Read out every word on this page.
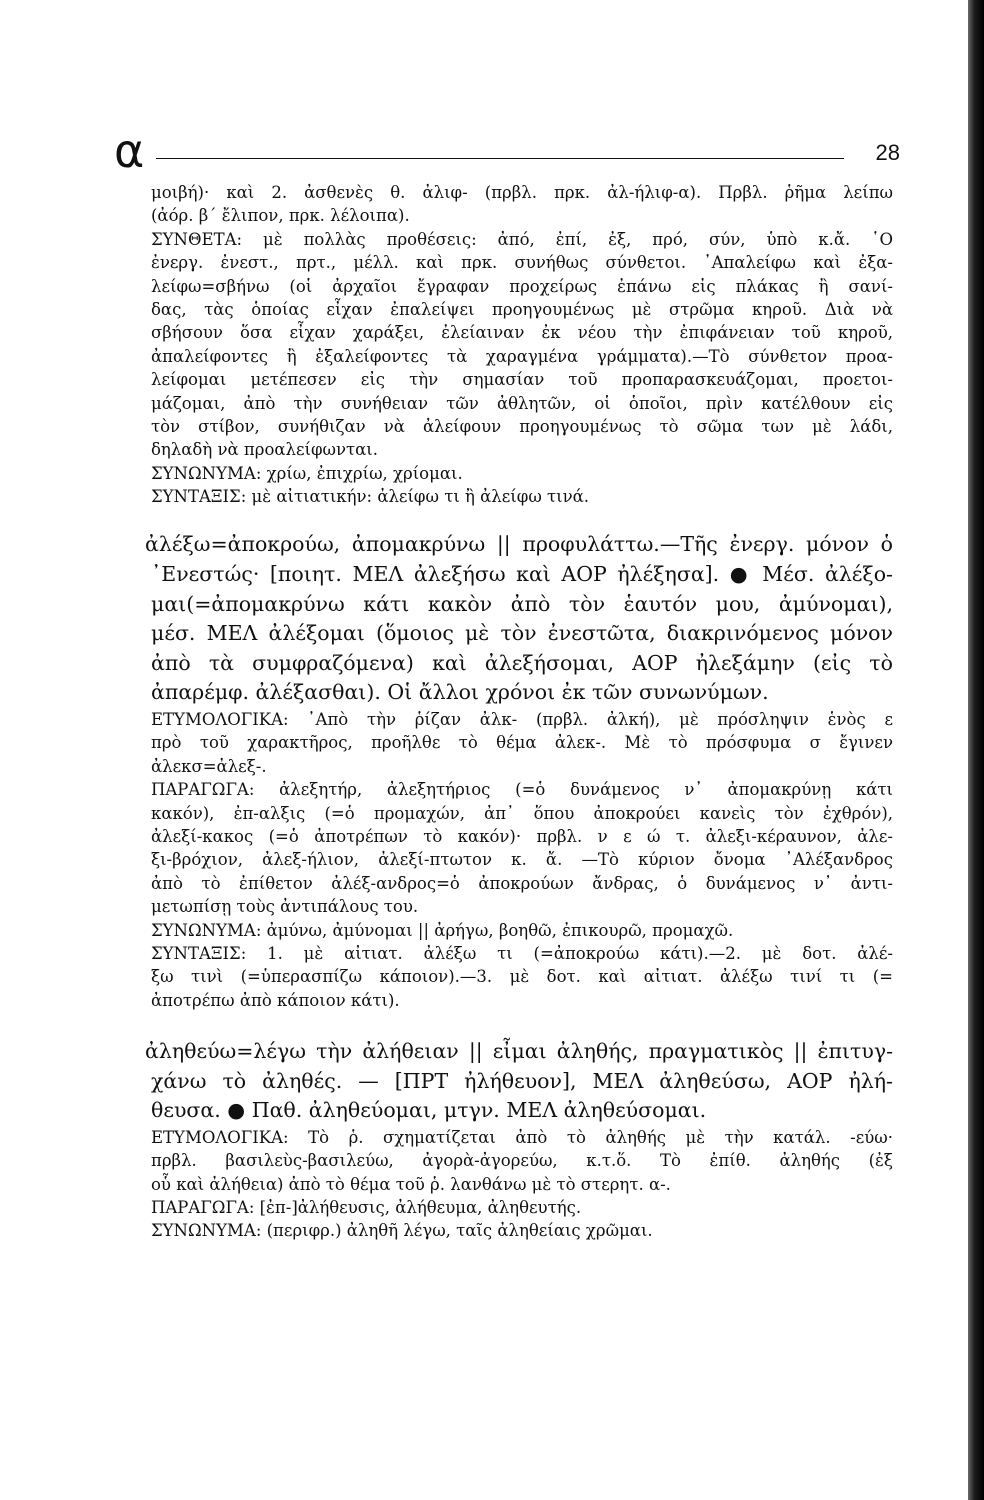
α	28
μοιβή)· καὶ 2. ἀσθενὲς θ. ἀλιφ- (πρβλ. πρκ. ἀλ-ήλιφ-α). Πρβλ. ῥῆμα λείπω
(ἀόρ. β΄ ἔλιπον, πρκ. λέλοιπα).
ΣΥΝΘΕΤΑ: μὲ πολλὰς προθέσεις: ἀπό, ἐπί, ἐξ, πρό, σύν, ὑπὸ κ.ἄ. ῾Ο
ἐνεργ. ἐνεστ., πρτ., μέλλ. καὶ πρκ. συνήθως σύνθετοι. ᾿Απαλείφω καὶ ἐξα-
λείφω=σβήνω (οἱ ἀρχαῖοι ἔγραφαν προχείρως ἐπάνω εἰς πλάκας ἢ σανί-
δας, τὰς ὁποίας εἶχαν ἐπαλείψει προηγουμένως μὲ στρῶμα κηροῦ. Διὰ νὰ
σβήσουν ὅσα εἶχαν χαράξει, ἐλείαιναν ἐκ νέου τὴν ἐπιφάνειαν τοῦ κηροῦ,
ἀπαλείφοντες ἢ ἐξαλείφοντες τὰ χαραγμένα γράμματα).—Τὸ σύνθετον προα-
λείφομαι μετέπεσεν εἰς τὴν σημασίαν τοῦ προπαρασκευάζομαι, προετοι-
μάζομαι, ἀπὸ τὴν συνήθειαν τῶν ἀθλητῶν, οἱ ὁποῖοι, πρὶν κατέλθουν εἰς
τὸν στίβον, συνήθιζαν νὰ ἀλείφουν προηγουμένως τὸ σῶμα των μὲ λάδι,
δηλαδὴ νὰ προαλείφωνται.
ΣΥΝΩΝΥΜΑ: χρίω, ἐπιχρίω, χρίομαι.
ΣΥΝΤΑΞΙΣ: μὲ αἰτιατικήν: ἀλείφω τι ἢ ἀλείφω τινά.
ἀλέξω=ἀποκρούω, ἀπομακρύνω || προφυλάττω.—Τῆς ἐνεργ. μόνον ὁ
᾿Ενεστώς· [ποιητ. ΜΕΛ ἀλεξήσω καὶ ΑΟΡ ἠλέξησα]. ● Μέσ. ἀλέξο-
μαι(=ἀπομακρύνω κάτι κακὸν ἀπὸ τὸν ἑαυτόν μου, ἀμύνομαι),
μέσ. ΜΕΛ ἀλέξομαι (ὅμοιος μὲ τὸν ἐνεστῶτα, διακρινόμενος μόνον
ἀπὸ τὰ συμφραζόμενα) καὶ ἀλεξήσομαι, ΑΟΡ ἠλεξάμην (εἰς τὸ
ἀπαρέμφ. ἀλέξασθαι). Οἱ ἄλλοι χρόνοι ἐκ τῶν συνωνύμων.
ΕΤΥΜΟΛΟΓΙΚΑ: ᾿Απὸ τὴν ῥίζαν ἀλκ- (πρβλ. ἀλκή), μὲ πρόσληψιν ἑνὸς ε
πρὸ τοῦ χαρακτῆρος, προῆλθε τὸ θέμα ἀλεκ-. Μὲ τὸ πρόσφυμα σ ἔγινεν
ἀλεκσ=ἀλεξ-.
ΠΑΡΑΓΩΓΑ: ἀλεξητήρ, ἀλεξητήριος (=ὁ δυνάμενος ν᾿ ἀπομακρύνῃ κάτι
κακόν), ἐπ-αλξις (=ὁ προμαχών, ἀπ᾿ ὅπου ἀποκρούει κανεὶς τὸν ἐχθρόν),
ἀλεξί-κακος (=ὁ ἀποτρέπων τὸ κακόν)· πρβλ. ν ε ώ τ. ἀλεξι-κέραυνον, ἀλε-
ξι-βρόχιον, ἀλεξ-ήλιον, ἀλεξί-πτωτον κ. ἄ. —Τὸ κύριον ὄνομα ᾿Αλέξανδρος
ἀπὸ τὸ ἐπίθετον ἀλέξ-ανδρος=ὁ ἀποκρούων ἄνδρας, ὁ δυνάμενος ν᾿ ἀντι-
μετωπίσῃ τοὺς ἀντιπάλους του.
ΣΥΝΩΝΥΜΑ: ἀμύνω, ἀμύνομαι || ἀρήγω, βοηθῶ, ἐπικουρῶ, προμαχῶ.
ΣΥΝΤΑΞΙΣ: 1. μὲ αἰτιατ. ἀλέξω τι (=ἀποκρούω κάτι).—2. μὲ δοτ. ἀλέ-
ξω τινὶ (=ὑπερασπίζω κάποιον).—3. μὲ δοτ. καὶ αἰτιατ. ἀλέξω τινί τι (=
ἀποτρέπω ἀπὸ κάποιον κάτι).
ἀληθεύω=λέγω τὴν ἀλήθειαν || εἶμαι ἀληθής, πραγματικὸς || ἐπιτυγ-
χάνω τὸ ἀληθές. — [ΠΡΤ ἠλήθευον], ΜΕΛ ἀληθεύσω, ΑΟΡ ἠλή-
θευσα. ● Παθ. ἀληθεύομαι, μτγν. ΜΕΛ ἀληθεύσομαι.
ΕΤΥΜΟΛΟΓΙΚΑ: Τὸ ῥ. σχηματίζεται ἀπὸ τὸ ἀληθής μὲ τὴν κατάλ. -εύω·
πρβλ. βασιλεὺς-βασιλεύω, ἀγορὰ-ἀγορεύω, κ.τ.ὅ. Τὸ ἐπίθ. ἀληθής (ἐξ
οὗ καὶ ἀλήθεια) ἀπὸ τὸ θέμα τοῦ ῥ. λανθάνω μὲ τὸ στερητ. α-.
ΠΑΡΑΓΩΓΑ: [ἐπ-]ἀλήθευσις, ἀλήθευμα, ἀληθευτής.
ΣΥΝΩΝΥΜΑ: (περιφρ.) ἀληθῆ λέγω, ταῖς ἀληθείαις χρῶμαι.
